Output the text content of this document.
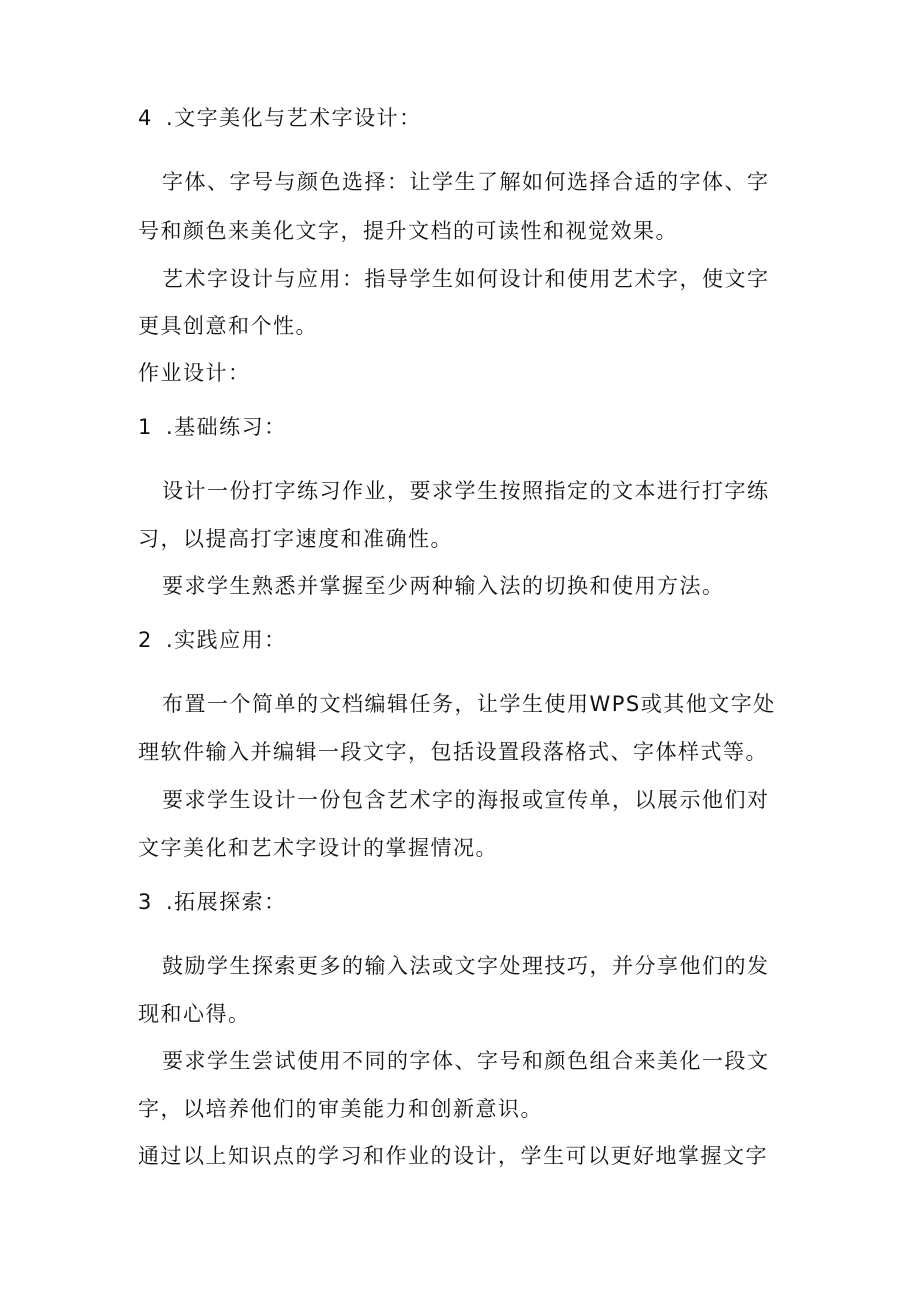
4 .文字美化与艺术字设计：
字体、字号与颜色选择：让学生了解如何选择合适的字体、字
号和颜色来美化文字，提升文档的可读性和视觉效果。
艺术字设计与应用：指导学生如何设计和使用艺术字，使文字
更具创意和个性。
作业设计：
1 .基础练习：
设计一份打字练习作业，要求学生按照指定的文本进行打字练
习，以提高打字速度和准确性。
要求学生熟悉并掌握至少两种输入法的切换和使用方法。
2 .实践应用：
布置一个简单的文档编辑任务，让学生使用WPS或其他文字处
理软件输入并编辑一段文字，包括设置段落格式、字体样式等。
要求学生设计一份包含艺术字的海报或宣传单，以展示他们对
文字美化和艺术字设计的掌握情况。
3 .拓展探索：
鼓励学生探索更多的输入法或文字处理技巧，并分享他们的发
现和心得。
要求学生尝试使用不同的字体、字号和颜色组合来美化一段文
字，以培养他们的审美能力和创新意识。
通过以上知识点的学习和作业的设计，学生可以更好地掌握文字
